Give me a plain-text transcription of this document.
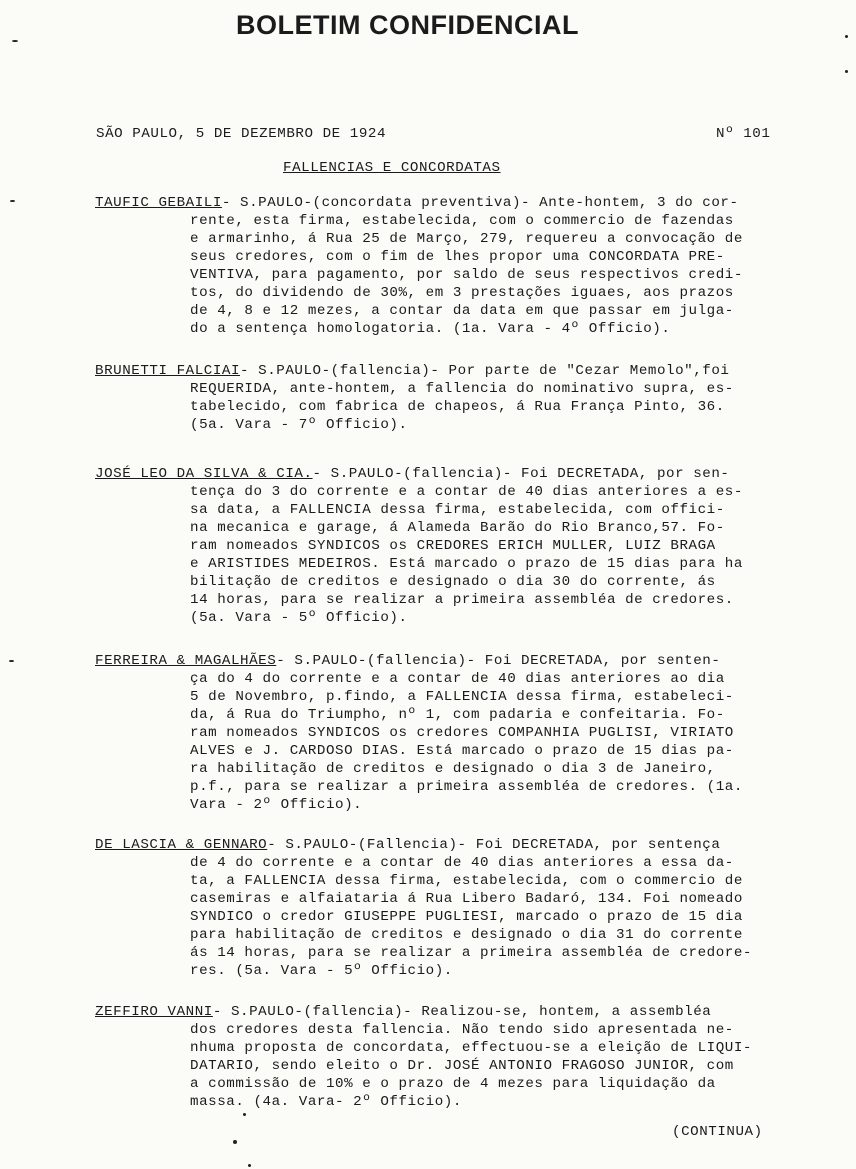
BOLETIM CONFIDENCIAL
SÃO PAULO, 5 DE DEZEMBRO DE 1924	Nº 101
FALLENCIAS E CONCORDATAS
TAUFIC GEBAILI- S.PAULO-(concordata preventiva)- Ante-hontem, 3 do cor-
rente, esta firma, estabelecida, com o commercio de fazendas
e armarinho, á Rua 25 de Março, 279, requereu a convocação de
seus credores, com o fim de lhes propor uma CONCORDATA PRE-
VENTIVA, para pagamento, por saldo de seus respectivos credi-
tos, do dividendo de 30%, em 3 prestações iguaes, aos prazos
de 4, 8 e 12 mezes, a contar da data em que passar em julga-
do a sentença homologatoria. (1a. Vara - 4º Officio).
BRUNETTI FALCIAI- S.PAULO-(fallencia)- Por parte de "Cezar Memolo",foi
REQUERIDA, ante-hontem, a fallencia do nominativo supra, es-
tabelecido, com fabrica de chapeos, á Rua França Pinto, 36.
(5a. Vara - 7º Officio).
JOSÉ LEO DA SILVA & CIA.- S.PAULO-(fallencia)- Foi DECRETADA, por sen-
tença do 3 do corrente e a contar de 40 dias anteriores a es-
sa data, a FALLENCIA dessa firma, estabelecida, com offici-
na mecanica e garage, á Alameda Barão do Rio Branco,57. Fo-
ram nomeados SYNDICOS os CREDORES ERICH MULLER, LUIZ BRAGA
e ARISTIDES MEDEIROS. Está marcado o prazo de 15 dias para ha
bilitação de creditos e designado o dia 30 do corrente, ás
14 horas, para se realizar a primeira assembléa de credores.
(5a. Vara - 5º Officio).
FERREIRA & MAGALHÃES- S.PAULO-(fallencia)- Foi DECRETADA, por senten-
ça do 4 do corrente e a contar de 40 dias anteriores ao dia
5 de Novembro, p.findo, a FALLENCIA dessa firma, estabeleci-
da, á Rua do Triumpho, nº 1, com padaria e confeitaria. Fo-
ram nomeados SYNDICOS os credores COMPANHIA PUGLISI, VIRIATO
ALVES e J. CARDOSO DIAS. Está marcado o prazo de 15 dias pa-
ra habilitação de creditos e designado o dia 3 de Janeiro,
p.f., para se realizar a primeira assembléa de credores. (1a.
Vara - 2º Officio).
DE LASCIA & GENNARO- S.PAULO-(Fallencia)- Foi DECRETADA, por sentença
de 4 do corrente e a contar de 40 dias anteriores a essa da-
ta, a FALLENCIA dessa firma, estabelecida, com o commercio de
casemiras e alfaiataria á Rua Libero Badaró, 134. Foi nomeado
SYNDICO o credor GIUSEPPE PUGLIESI, marcado o prazo de 15 dia
para habilitação de creditos e designado o dia 31 do corrente
ás 14 horas, para se realizar a primeira assembléa de credore-
res. (5a. Vara - 5º Officio).
ZEFFIRO VANNI- S.PAULO-(fallencia)- Realizou-se, hontem, a assembléa
dos credores desta fallencia. Não tendo sido apresentada ne-
nhuma proposta de concordata, effectuou-se a eleição de LIQUI-
DATARIO, sendo eleito o Dr. JOSÉ ANTONIO FRAGOSO JUNIOR, com
a commissão de 10% e o prazo de 4 mezes para liquidação da
massa. (4a. Vara- 2º Officio).
(CONTINUA)
